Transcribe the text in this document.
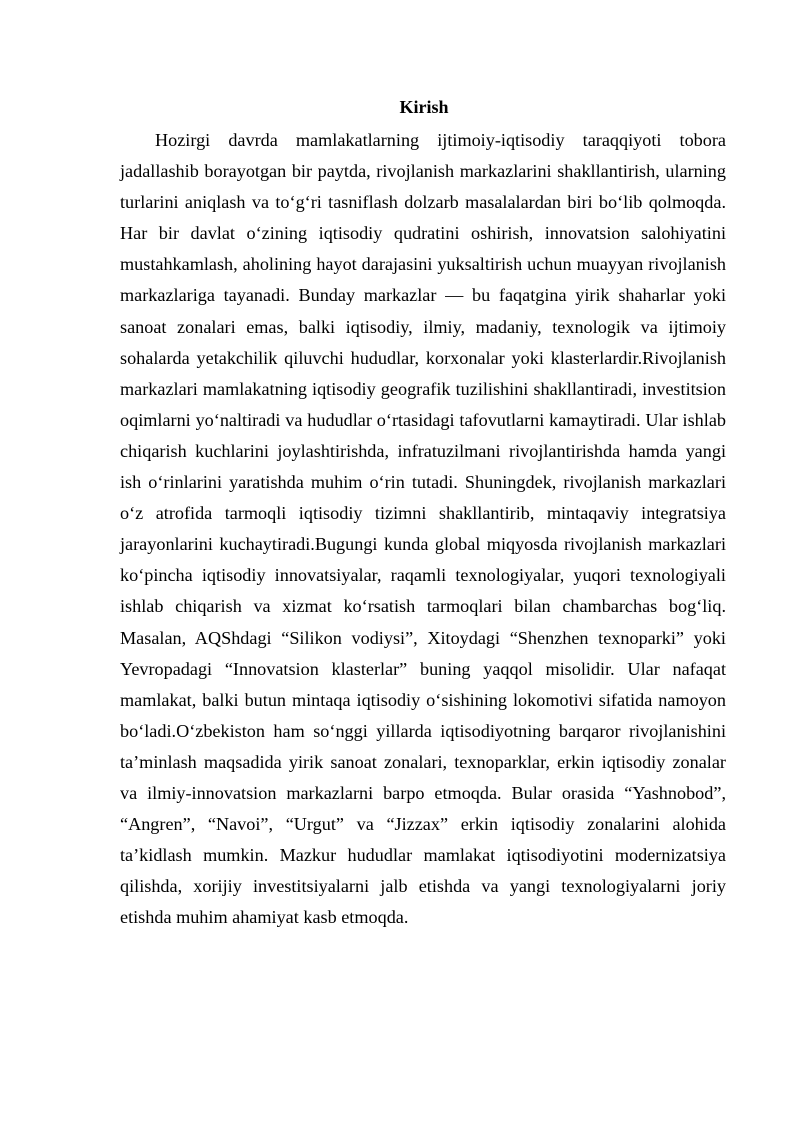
Kirish

Hozirgi davrda mamlakatlarning ijtimoiy-iqtisodiy taraqqiyoti tobora jadallashib borayotgan bir paytda, rivojlanish markazlarini shakllantirish, ularning turlarini aniqlash va to‘g‘ri tasniflash dolzarb masalalardan biri bo‘lib qolmoqda. Har bir davlat o‘zining iqtisodiy qudratini oshirish, innovatsion salohiyatini mustahkamlash, aholining hayot darajasini yuksaltirish uchun muayyan rivojlanish markazlariga tayanadi. Bunday markazlar — bu faqatgina yirik shaharlar yoki sanoat zonalari emas, balki iqtisodiy, ilmiy, madaniy, texnologik va ijtimoiy sohalarda yetakchilik qiluvchi hududlar, korxonalar yoki klasterlardir.Rivojlanish markazlari mamlakatning iqtisodiy geografik tuzilishini shakllantiradi, investitsion oqimlarni yo‘naltiradi va hududlar o‘rtasidagi tafovutlarni kamaytiradi. Ular ishlab chiqarish kuchlarini joylashtirishda, infratuzilmani rivojlantirishda hamda yangi ish o‘rinlarini yaratishda muhim o‘rin tutadi. Shuningdek, rivojlanish markazlari o‘z atrofida tarmoqli iqtisodiy tizimni shakllantirib, mintaqaviy integratsiya jarayonlarini kuchaytiradi.Bugungi kunda global miqyosda rivojlanish markazlari ko‘pincha iqtisodiy innovatsiyalar, raqamli texnologiyalar, yuqori texnologiyali ishlab chiqarish va xizmat ko‘rsatish tarmoqlari bilan chambarchas bog‘liq. Masalan, AQShdagi “Silikon vodiysi”, Xitoydagi “Shenzhen texnoparki” yoki Yevropadagi “Innovatsion klasterlar” buning yaqqol misolidir. Ular nafaqat mamlakat, balki butun mintaqa iqtisodiy o‘sishining lokomotivi sifatida namoyon bo‘ladi.O‘zbekiston ham so‘nggi yillarda iqtisodiyotning barqaror rivojlanishini ta’minlash maqsadida yirik sanoat zonalari, texnoparklar, erkin iqtisodiy zonalar va ilmiy-innovatsion markazlarni barpo etmoqda. Bular orasida “Yashnobod”, “Angren”, “Navoi”, “Urgut” va “Jizzax” erkin iqtisodiy zonalarini alohida ta’kidlash mumkin. Mazkur hududlar mamlakat iqtisodiyotini modernizatsiya qilishda, xorijiy investitsiyalarni jalb etishda va yangi texnologiyalarni joriy etishda muhim ahamiyat kasb etmoqda.
